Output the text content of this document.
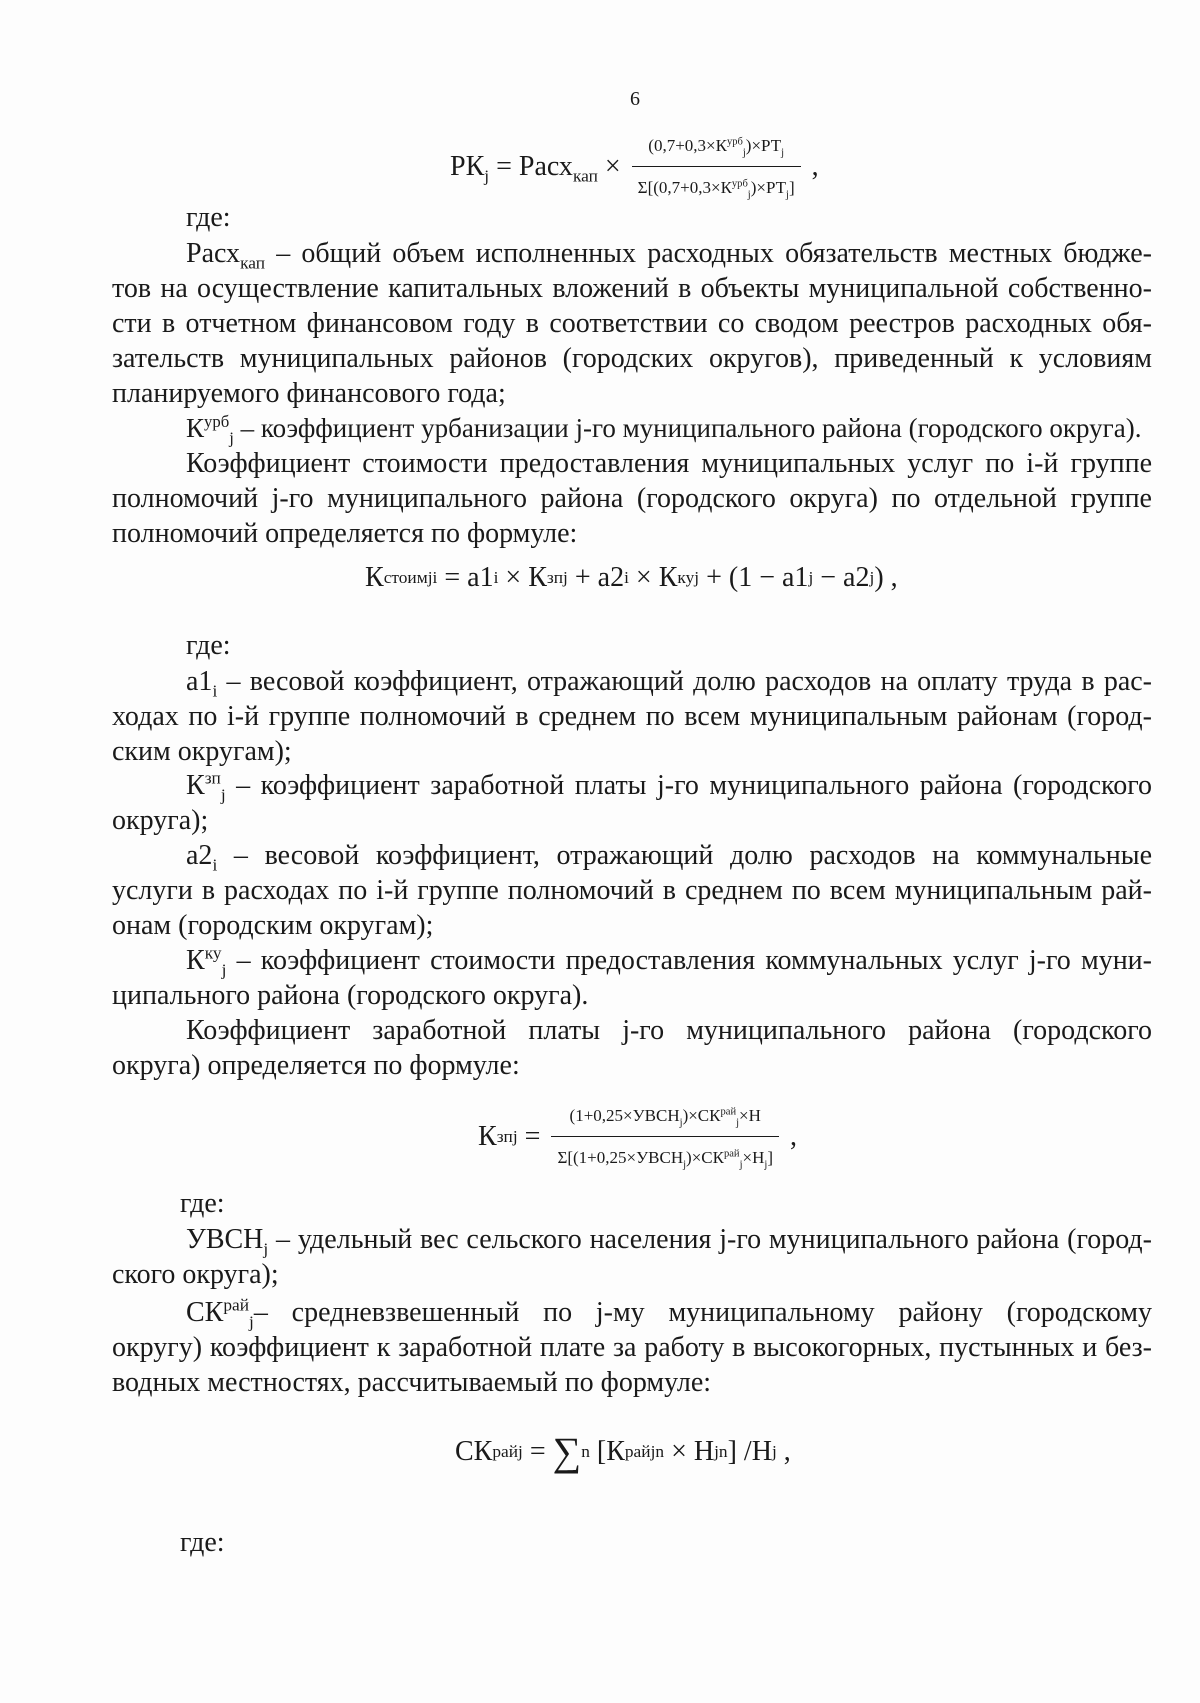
6
$РК_j$ = Расх$_{кап}$ × $\frac{(0,7+0,3\times К^{урб}_j)\times РТ_j}{\Sigma[(0,7+0,3\times К^{урб}_j)\times РТ_j]}$ ,
где:
Расх$_{кап}$ – общий объем исполненных расходных обязательств местных бюдже-
тов на осуществление капитальных вложений в объекты муниципальной собственно-
сти в отчетном финансовом году в соответствии со сводом реестров расходных обя-
зательств муниципальных районов (городских округов), приведенный к условиям
планируемого финансового года;
$К^{урб}_j$ – коэффициент урбанизации j-го муниципального района (городского округа).
Коэффициент стоимости предоставления муниципальных услуг по i-й группе
полномочий j-го муниципального района (городского округа) по отдельной группе
полномочий определяется по формуле:
К стоим ji = a1 i × К зп j + a2 i × К ку j + (1 − a1 j − a2 j ) ,
где:
$a1_i$ – весовой коэффициент, отражающий долю расходов на оплату труда в рас-
ходах по i-й группе полномочий в среднем по всем муниципальным районам (город-
ским округам);
$К^{зп}_j$ – коэффициент заработной платы j-го муниципального района (городского
округа);
$a2_i$ – весовой коэффициент, отражающий долю расходов на коммунальные
услуги в расходах по i-й группе полномочий в среднем по всем муниципальным рай-
онам (городским округам);
$К^{ку}_j$ – коэффициент стоимости предоставления коммунальных услуг j-го муни-
ципального района (городского округа).
Коэффициент заработной платы j-го муниципального района (городского
округа) определяется по формуле:
К зп $j = \frac{(1+0,25\times УВСН_j)\times СК^{рай}_j\times Н}{\Sigma[(1+0,25\times УВСН_j)\times СК^{рай}_j\times Н_j]}$ ,
где:
$УВСН_j$ – удельный вес сельского населения j-го муниципального района (город-
ского округа);
$СК^{рай}_j-$ средневзвешенный по j-му муниципальному району (городскому
округу) коэффициент к заработной плате за работу в высокогорных, пустынных и без-
водных местностях, рассчитываемый по формуле:
СК рай j = ∑ n [К рай jn × Н jn ] /Н j ,
где:
